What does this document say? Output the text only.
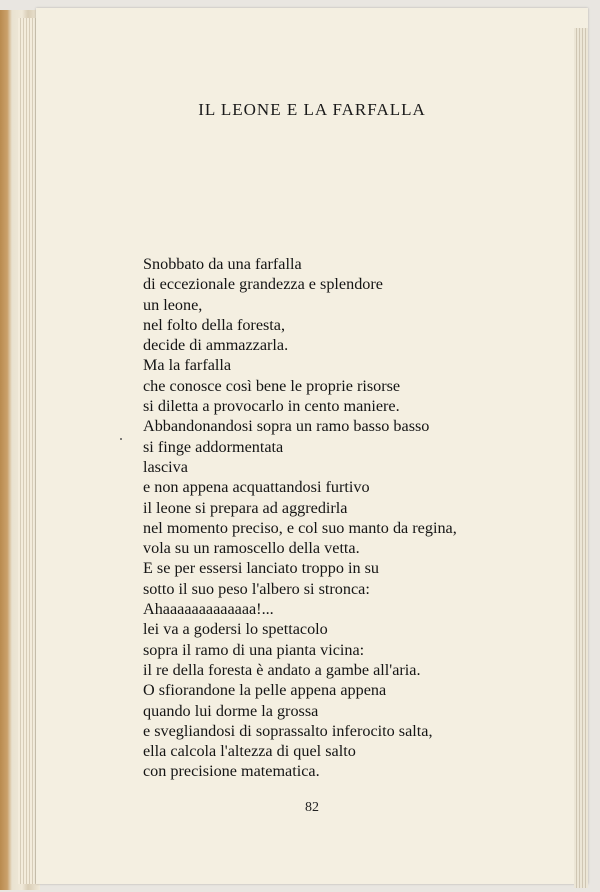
IL LEONE E LA FARFALLA
Snobbato da una farfalla
di eccezionale grandezza e splendore
un leone,
nel folto della foresta,
decide di ammazzarla.
Ma la farfalla
che conosce così bene le proprie risorse
si diletta a provocarlo in cento maniere.
Abbandonandosi sopra un ramo basso basso
si finge addormentata
lasciva
e non appena acquattandosi furtivo
il leone si prepara ad aggredirla
nel momento preciso, e col suo manto da regina,
vola su un ramoscello della vetta.
E se per essersi lanciato troppo in su
sotto il suo peso l'albero si stronca:
Ahaaaaaaaaaaaaa!...
lei va a godersi lo spettacolo
sopra il ramo di una pianta vicina:
il re della foresta è andato a gambe all'aria.
O sfiorandone la pelle appena appena
quando lui dorme la grossa
e svegliandosi di soprassalto inferocito salta,
ella calcola l'altezza di quel salto
con precisione matematica.
82
